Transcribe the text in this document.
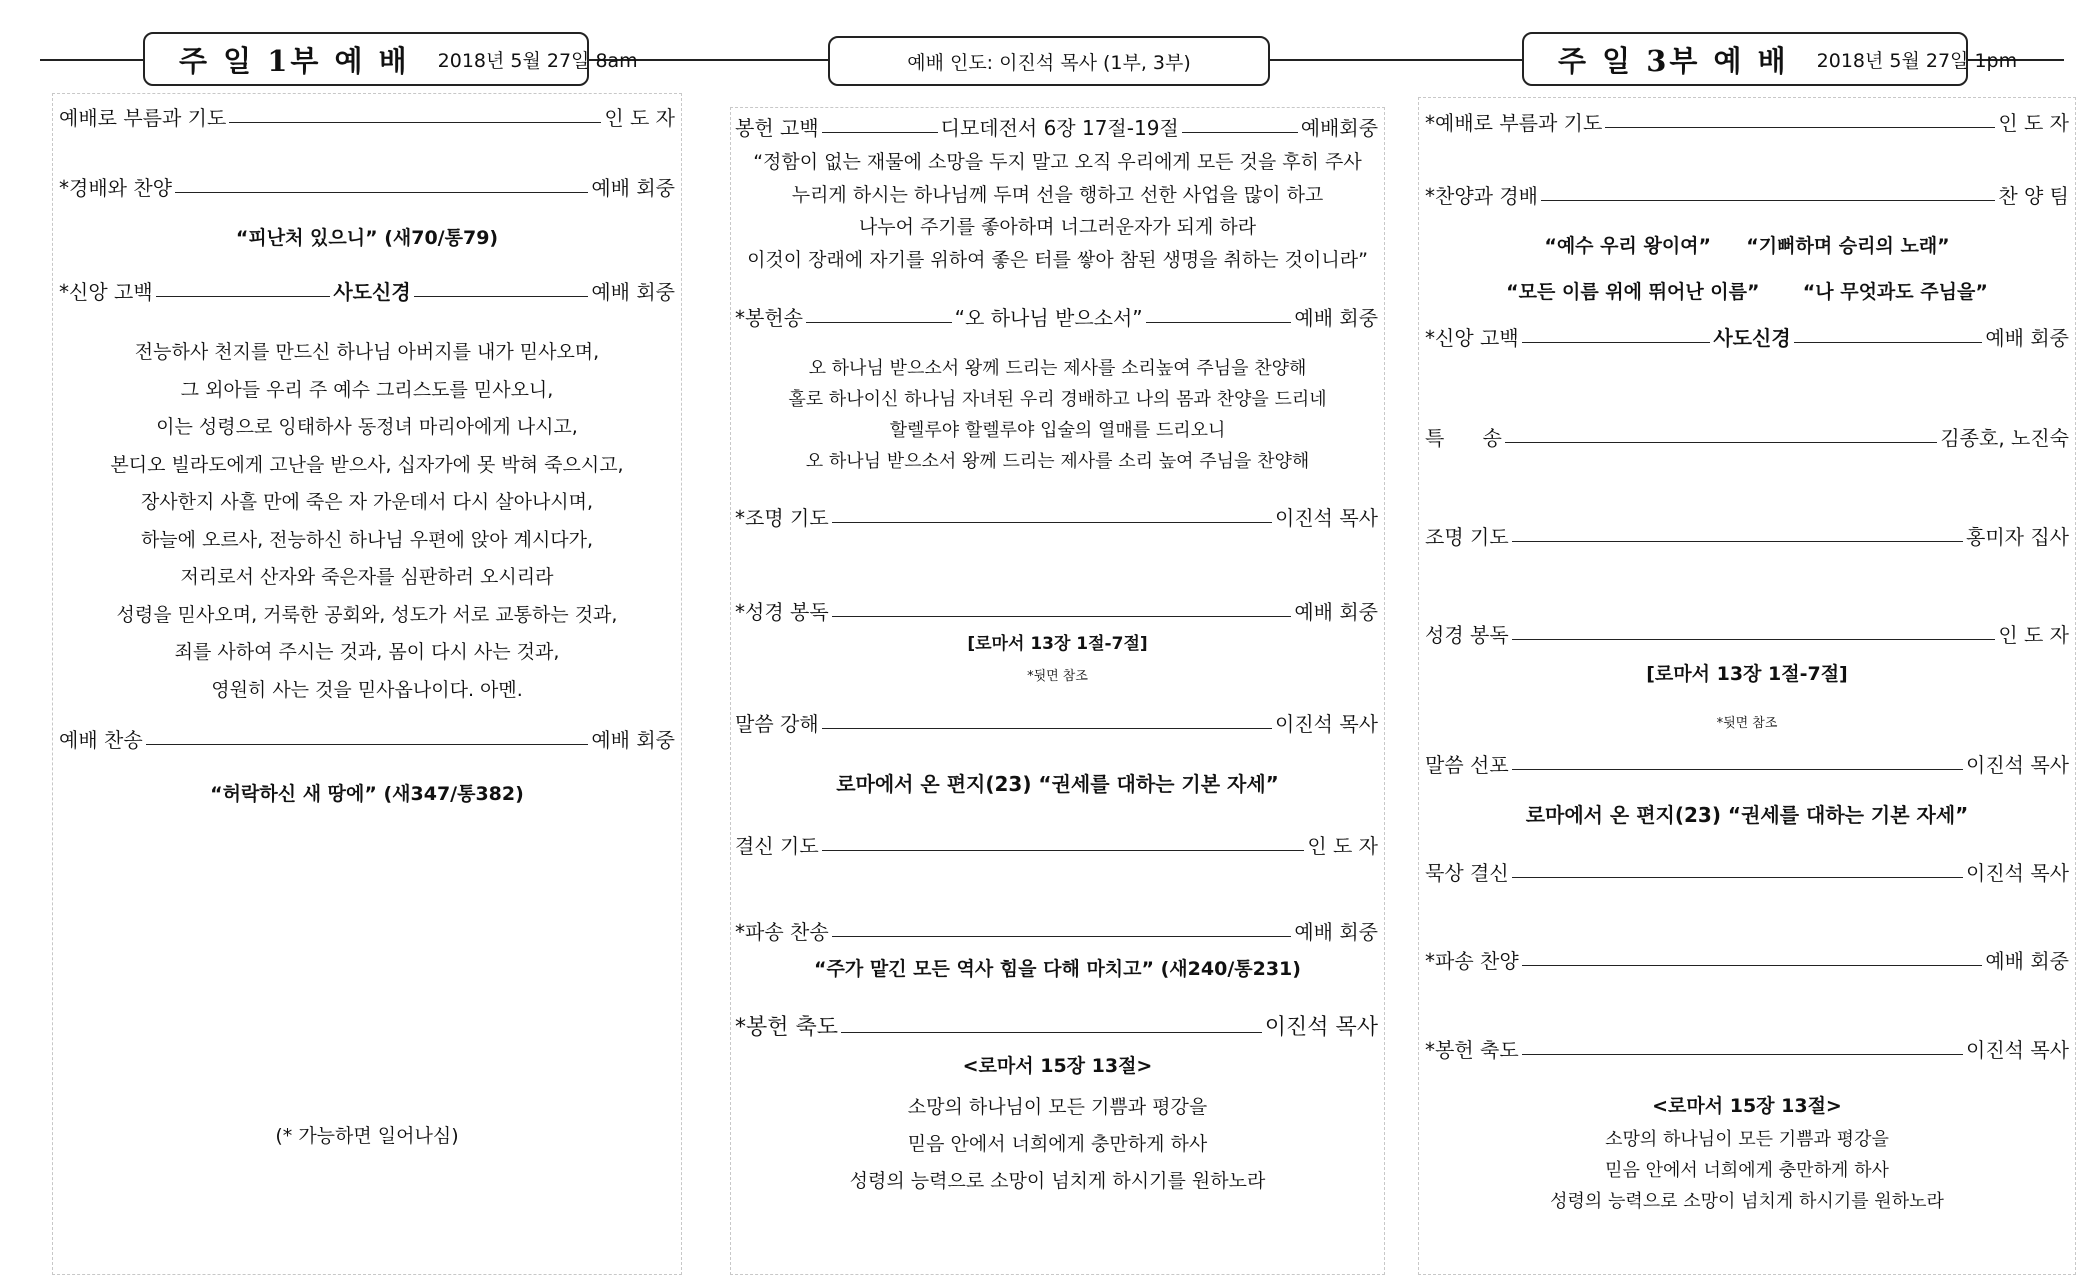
주 일 1부 예 배 2018년 5월 27일 8am	예배 인도: 이진석 목사 (1부, 3부)	주 일 3부 예 배 2018년 5월 27일 1pm
예배로 부름과 기도	인 도 자
*경배와 찬양	예배 회중
“피난처 있으니” (새70/통79)
*신앙 고백	사도신경	예배 회중
전능하사 천지를 만드신 하나님 아버지를 내가 믿사오며,
그 외아들 우리 주 예수 그리스도를 믿사오니,
이는 성령으로 잉태하사 동정녀 마리아에게 나시고,
본디오 빌라도에게 고난을 받으사, 십자가에 못 박혀 죽으시고,
장사한지 사흘 만에 죽은 자 가운데서 다시 살아나시며,
하늘에 오르사, 전능하신 하나님 우편에 앉아 계시다가,
저리로서 산자와 죽은자를 심판하러 오시리라
성령을 믿사오며, 거룩한 공회와, 성도가 서로 교통하는 것과,
죄를 사하여 주시는 것과, 몸이 다시 사는 것과,
영원히 사는 것을 믿사옵나이다. 아멘.
예배 찬송	예배 회중
“허락하신 새 땅에” (새347/통382)
(* 가능하면 일어나심)
봉헌 고백	디모데전서 6장 17절-19절	예배회중
“정함이 없는 재물에 소망을 두지 말고 오직 우리에게 모든 것을 후히 주사
누리게 하시는 하나님께 두며 선을 행하고 선한 사업을 많이 하고
나누어 주기를 좋아하며 너그러운자가 되게 하라
이것이 장래에 자기를 위하여 좋은 터를 쌓아 참된 생명을 취하는 것이니라”
*봉헌송	“오 하나님 받으소서”	예배 회중
오 하나님 받으소서 왕께 드리는 제사를 소리높여 주님을 찬양해
홀로 하나이신 하나님 자녀된 우리 경배하고 나의 몸과 찬양을 드리네
할렐루야 할렐루야 입술의 열매를 드리오니
오 하나님 받으소서 왕께 드리는 제사를 소리 높여 주님을 찬양해
*조명 기도	이진석 목사
*성경 봉독	예배 회중
[로마서 13장 1절-7절]
*뒷면 참조
말씀 강해	이진석 목사
로마에서 온 편지(23) “권세를 대하는 기본 자세”
결신 기도	인 도 자
*파송 찬송	예배 회중
“주가 맡긴 모든 역사 힘을 다해 마치고” (새240/통231)
*봉헌 축도	이진석 목사
<로마서 15장 13절>
소망의 하나님이 모든 기쁨과 평강을
믿음 안에서 너희에게 충만하게 하사
성령의 능력으로 소망이 넘치게 하시기를 원하노라
*예배로 부름과 기도	인 도 자
*찬양과 경배	찬 양 팀
“예수 우리 왕이여” “기뻐하며 승리의 노래”
“모든 이름 위에 뛰어난 이름” “나 무엇과도 주님을”
*신앙 고백	사도신경	예배 회중
특      송	김종호, 노진숙
조명 기도	홍미자 집사
성경 봉독	인 도 자
[로마서 13장 1절-7절]
*뒷면 참조
말씀 선포	이진석 목사
로마에서 온 편지(23) “권세를 대하는 기본 자세”
묵상 결신	이진석 목사
*파송 찬양	예배 회중
*봉헌 축도	이진석 목사
<로마서 15장 13절>
소망의 하나님이 모든 기쁨과 평강을
믿음 안에서 너희에게 충만하게 하사
성령의 능력으로 소망이 넘치게 하시기를 원하노라
